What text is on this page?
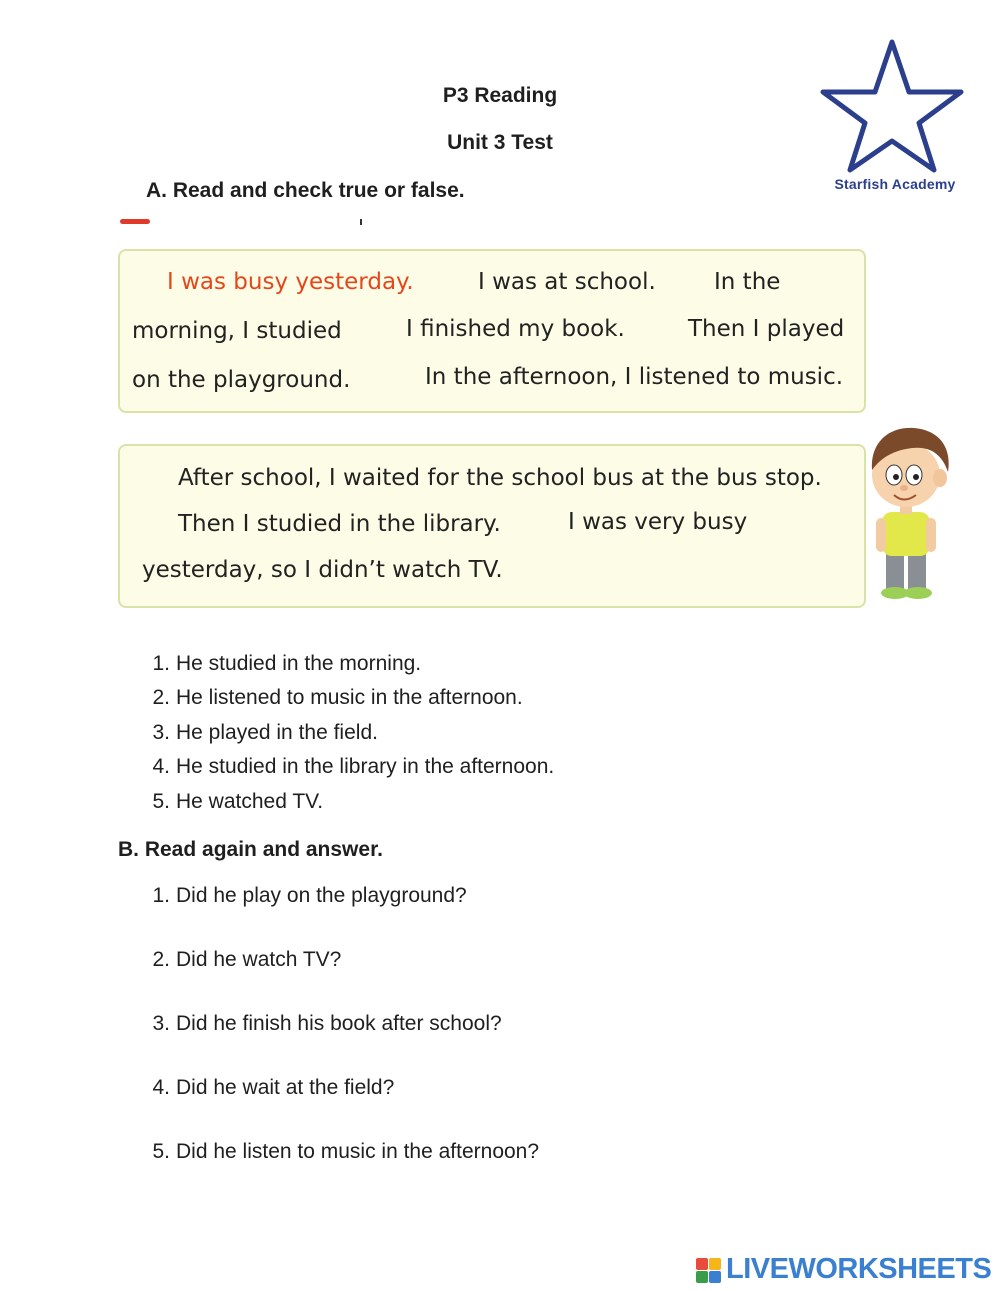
P3 Reading
Unit 3 Test
Starfish Academy
A. Read and check true or false.
I was busy yesterday.	I was at school.	In the
morning, I studied	I finished my book.	Then I played
on the playground.	In the afternoon, I listened to music.
After school, I waited for the school bus at the bus stop.
Then I studied in the library.	I was very busy
yesterday, so I didn’t watch TV.
1. He studied in the morning.
2. He listened to music in the afternoon.
3. He played in the field.
4. He studied in the library in the afternoon.
5. He watched TV.
B. Read again and answer.
1. Did he play on the playground?
2. Did he watch TV?
3. Did he finish his book after school?
4. Did he wait at the field?
5. Did he listen to music in the afternoon?
LIVEWORKSHEETS
